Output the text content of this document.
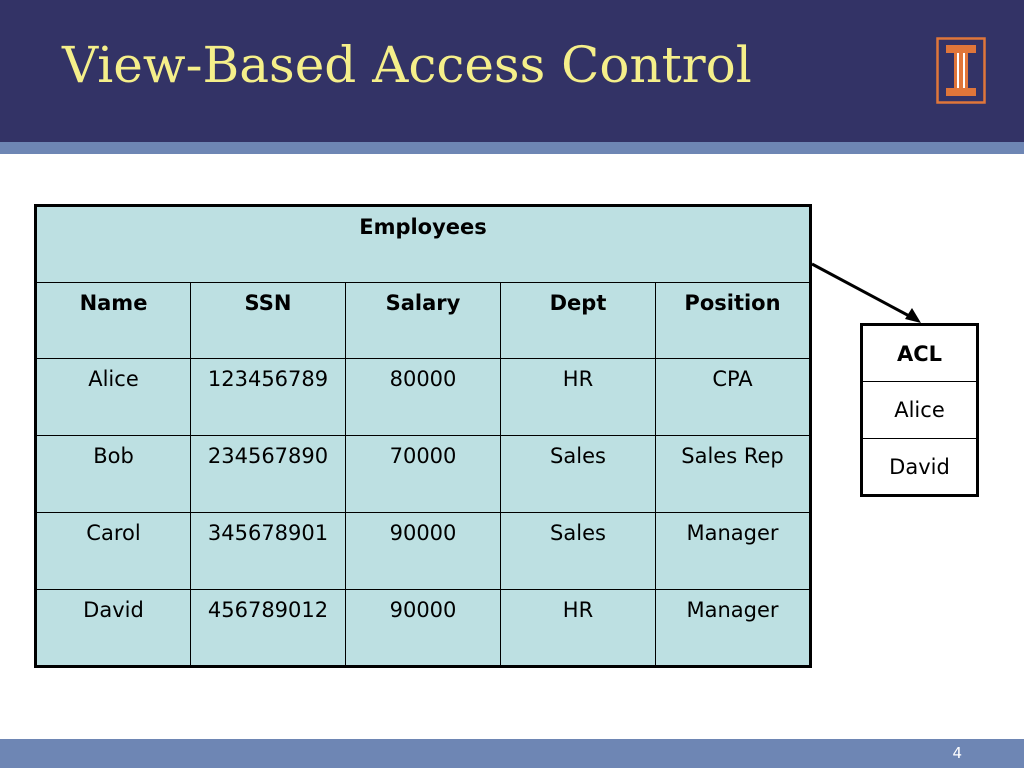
View-Based Access Control
Employees				
Name	SSN	Salary	Dept	Position
Alice	123456789	80000	HR	CPA
Bob	234567890	70000	Sales	Sales Rep
Carol	345678901	90000	Sales	Manager
David	456789012	90000	HR	Manager
ACL
Alice
David
4
